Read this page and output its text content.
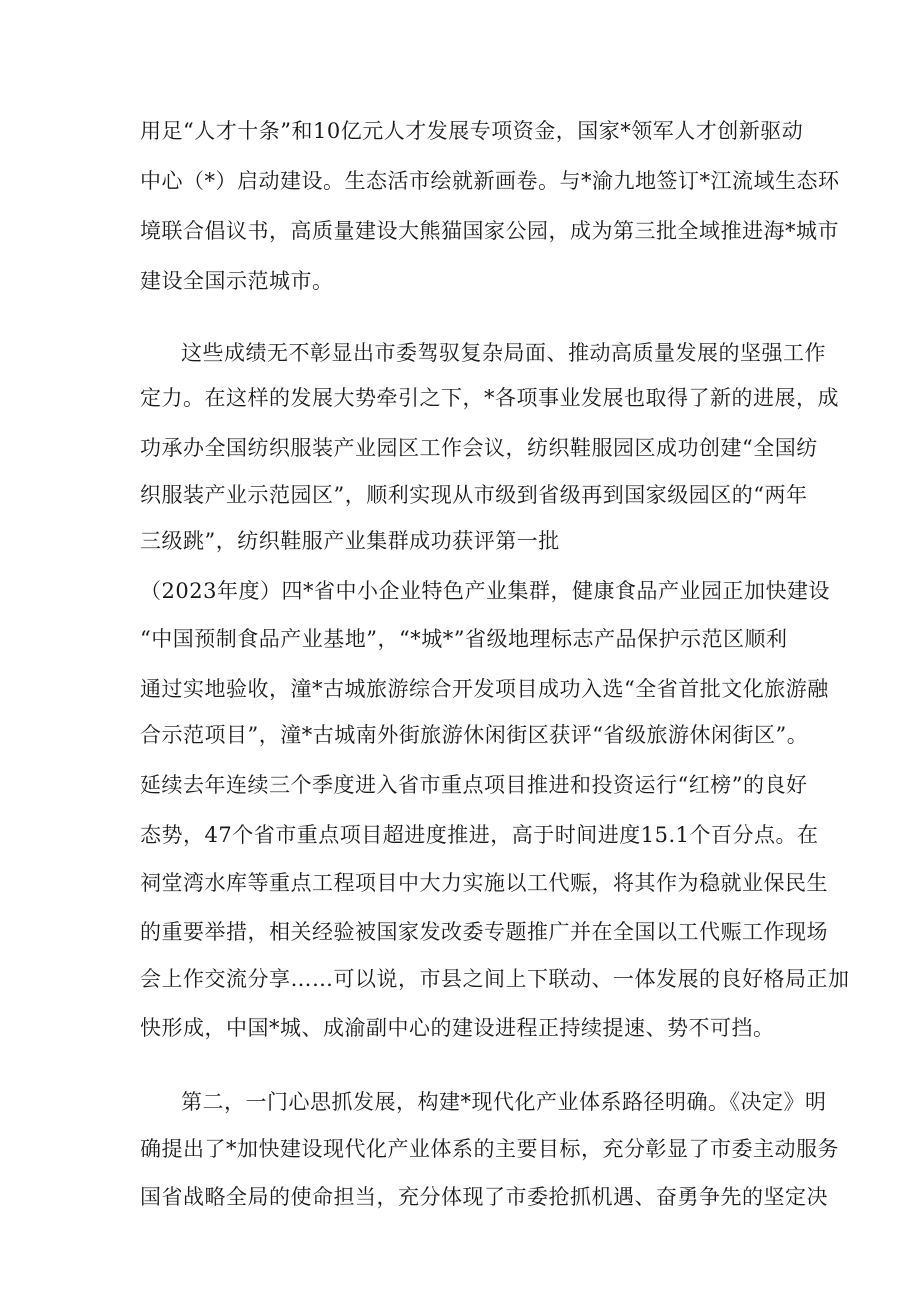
用足“人才十条”和10亿元人才发展专项资金，国家*领军人才创新驱动
中心（*）启动建设。生态活市绘就新画卷。与*渝九地签订*江流域生态环
境联合倡议书，高质量建设大熊猫国家公园，成为第三批全域推进海*城市
建设全国示范城市。
这些成绩无不彰显出市委驾驭复杂局面、推动高质量发展的坚强工作
定力。在这样的发展大势牵引之下，*各项事业发展也取得了新的进展，成
功承办全国纺织服装产业园区工作会议，纺织鞋服园区成功创建“全国纺
织服装产业示范园区”，顺利实现从市级到省级再到国家级园区的“两年
三级跳”，纺织鞋服产业集群成功获评第一批
（2023年度）四*省中小企业特色产业集群，健康食品产业园正加快建设
“中国预制食品产业基地”，“*城*”省级地理标志产品保护示范区顺利
通过实地验收，潼*古城旅游综合开发项目成功入选“全省首批文化旅游融
合示范项目”，潼*古城南外街旅游休闲街区获评“省级旅游休闲街区”。
延续去年连续三个季度进入省市重点项目推进和投资运行“红榜”的良好
态势，47个省市重点项目超进度推进，高于时间进度15.1个百分点。在
祠堂湾水库等重点工程项目中大力实施以工代赈，将其作为稳就业保民生
的重要举措，相关经验被国家发改委专题推广并在全国以工代赈工作现场
会上作交流分享……可以说，市县之间上下联动、一体发展的良好格局正加
快形成，中国*城、成渝副中心的建设进程正持续提速、势不可挡。
第二，一门心思抓发展，构建*现代化产业体系路径明确。《决定》明
确提出了*加快建设现代化产业体系的主要目标，充分彰显了市委主动服务
国省战略全局的使命担当，充分体现了市委抢抓机遇、奋勇争先的坚定决
